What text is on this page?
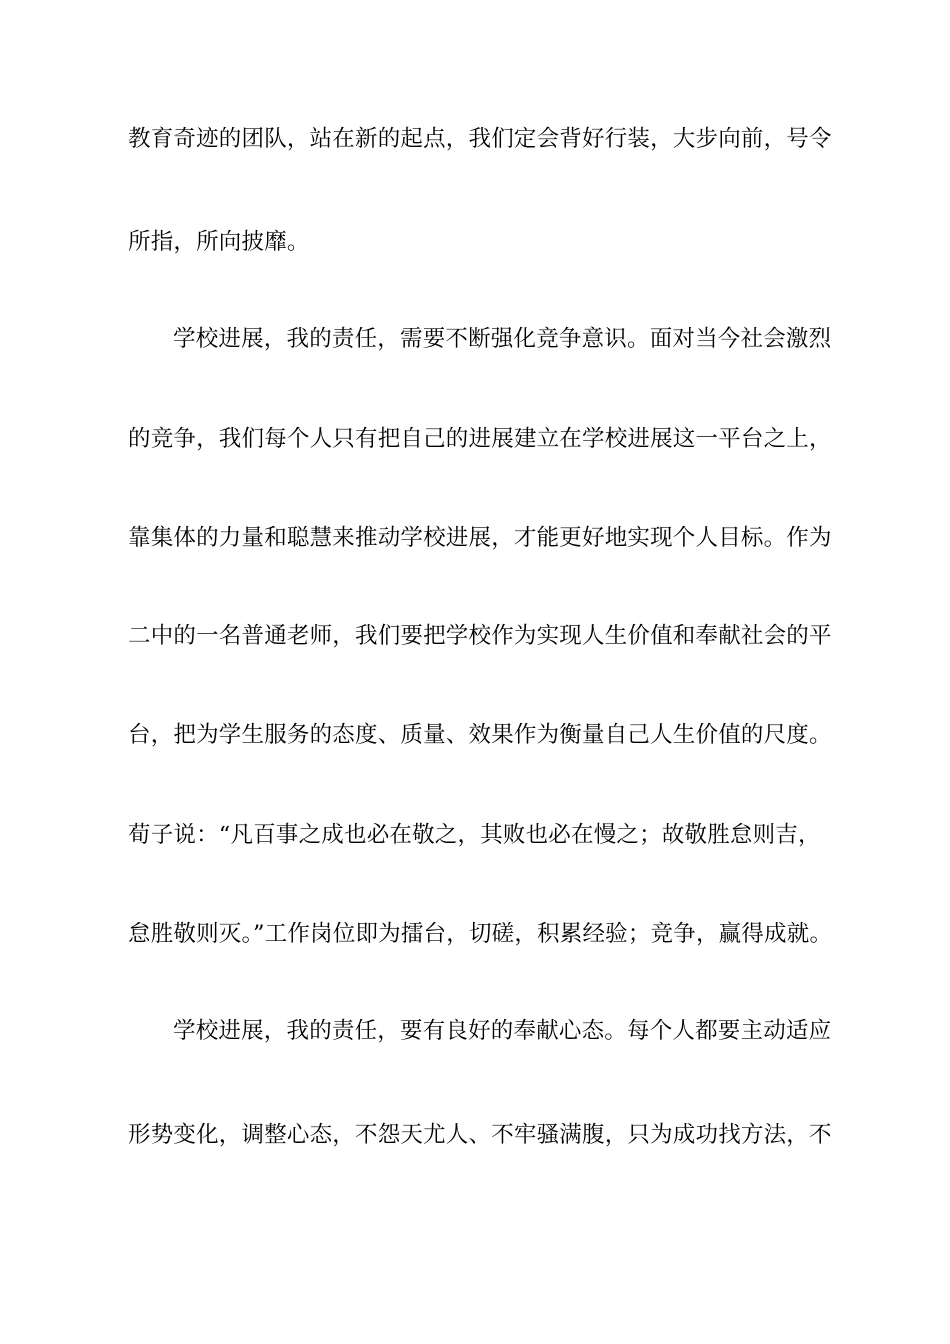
教育奇迹的团队，站在新的起点，我们定会背好行装，大步向前，号令
所指，所向披靡。
学校进展，我的责任，需要不断强化竞争意识。面对当今社会激烈
的竞争，我们每个人只有把自己的进展建立在学校进展这一平台之上，
靠集体的力量和聪慧来推动学校进展，才能更好地实现个人目标。作为
二中的一名普通老师，我们要把学校作为实现人生价值和奉献社会的平
台，把为学生服务的态度、质量、效果作为衡量自己人生价值的尺度。
荀子说：“凡百事之成也必在敬之，其败也必在慢之；故敬胜怠则吉，
怠胜敬则灭。”工作岗位即为擂台，切磋，积累经验；竞争，赢得成就。
学校进展，我的责任，要有良好的奉献心态。每个人都要主动适应
形势变化，调整心态，不怨天尤人、不牢骚满腹，只为成功找方法，不
